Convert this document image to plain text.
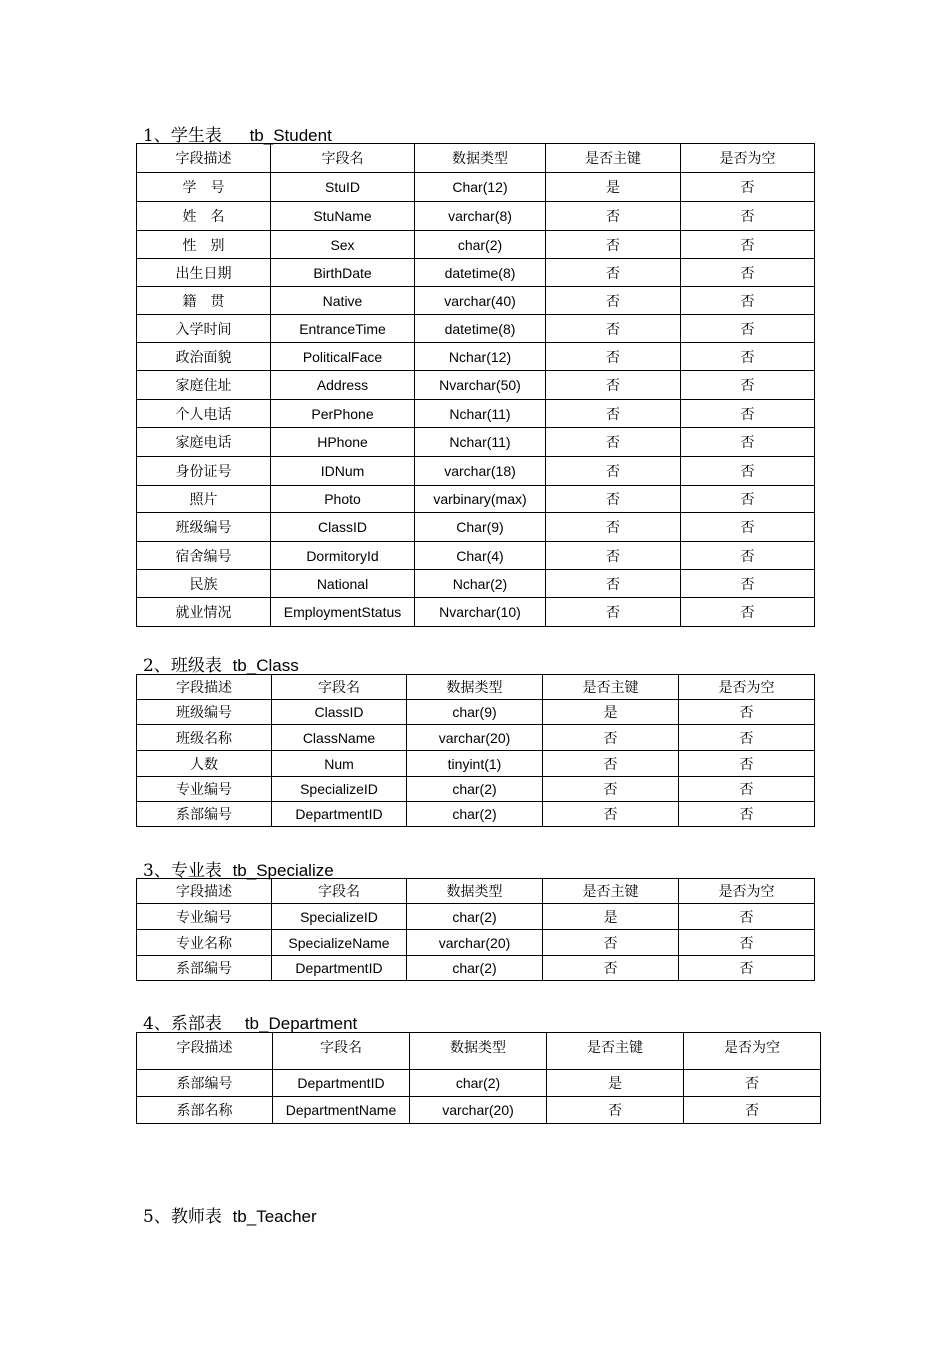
1、学生表　 tb_Student
字段描述	字段名	数据类型	是否主键	是否为空
学　号	StuID	Char(12)	是	否
姓　名	StuName	varchar(8)	否	否
性　别	Sex	char(2)	否	否
出生日期	BirthDate	datetime(8)	否	否
籍　贯	Native	varchar(40)	否	否
入学时间	EntranceTime	datetime(8)	否	否
政治面貌	PoliticalFace	Nchar(12)	否	否
家庭住址	Address	Nvarchar(50)	否	否
个人电话	PerPhone	Nchar(11)	否	否
家庭电话	HPhone	Nchar(11)	否	否
身份证号	IDNum	varchar(18)	否	否
照片	Photo	varbinary(max)	否	否
班级编号	ClassID	Char(9)	否	否
宿舍编号	DormitoryId	Char(4)	否	否
民族	National	Nchar(2)	否	否
就业情况	EmploymentStatus	Nvarchar(10)	否	否
2、班级表 tb_Class
字段描述	字段名	数据类型	是否主键	是否为空
班级编号	ClassID	char(9)	是	否
班级名称	ClassName	varchar(20)	否	否
人数	Num	tinyint(1)	否	否
专业编号	SpecializeID	char(2)	否	否
系部编号	DepartmentID	char(2)	否	否
3、专业表 tb_Specialize
字段描述	字段名	数据类型	是否主键	是否为空
专业编号	SpecializeID	char(2)	是	否
专业名称	SpecializeName	varchar(20)	否	否
系部编号	DepartmentID	char(2)	否	否
4、系部表　 tb_Department
字段描述	字段名	数据类型	是否主键	是否为空
系部编号	DepartmentID	char(2)	是	否
系部名称	DepartmentName	varchar(20)	否	否
5、教师表 tb_Teacher
